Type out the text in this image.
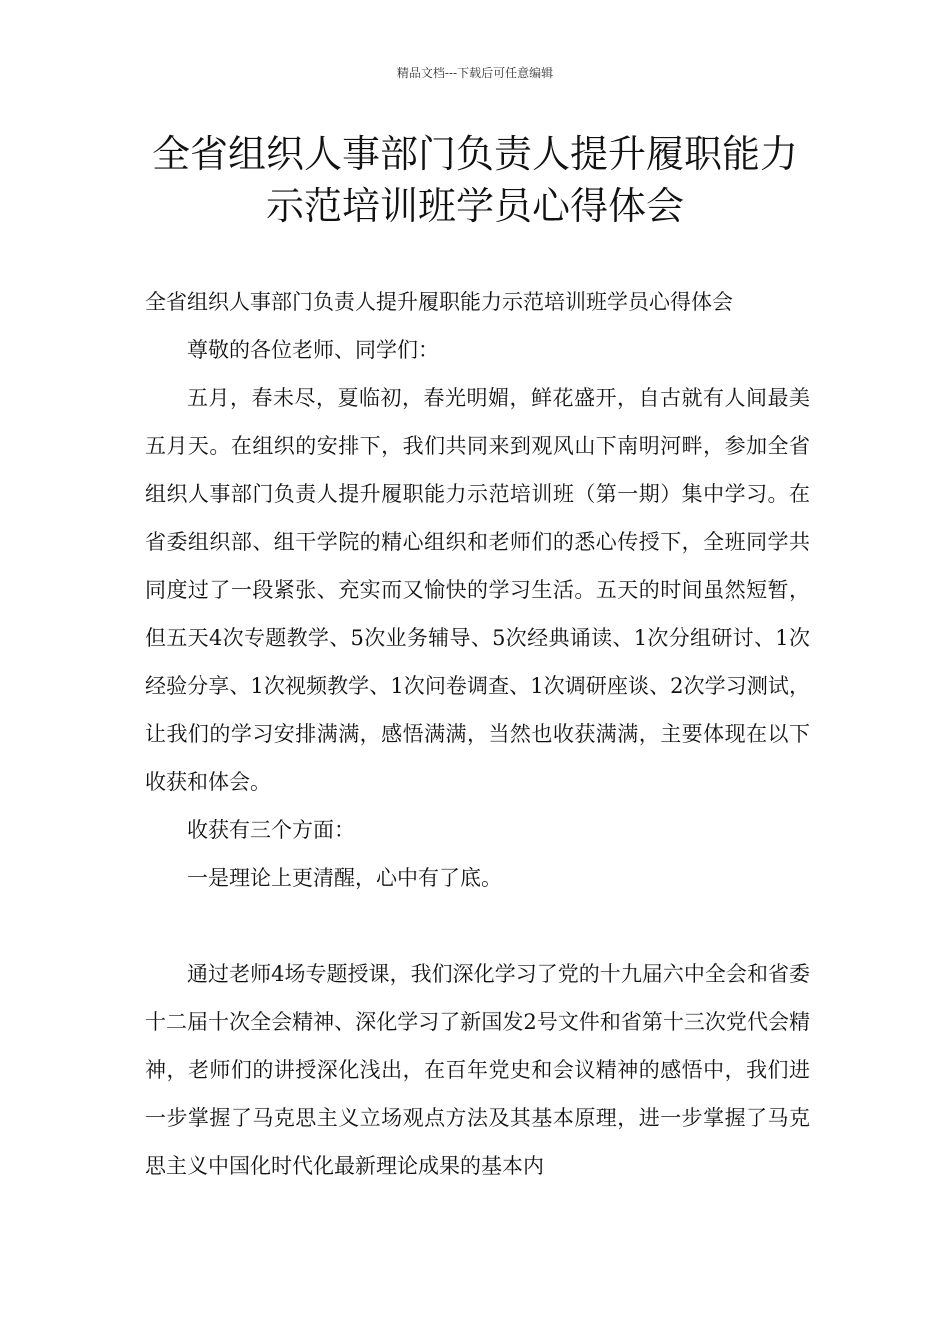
精品文档---下载后可任意编辑
全省组织人事部门负责人提升履职能力
示范培训班学员心得体会

全省组织人事部门负责人提升履职能力示范培训班学员心得体会

尊敬的各位老师、同学们：

五月，春未尽，夏临初，春光明媚，鲜花盛开，自古就有人间最美五月天。在组织的安排下，我们共同来到观风山下南明河畔，参加全省组织人事部门负责人提升履职能力示范培训班（第一期）集中学习。在省委组织部、组干学院的精心组织和老师们的悉心传授下，全班同学共同度过了一段紧张、充实而又愉快的学习生活。五天的时间虽然短暂，但五天4次专题教学、5次业务辅导、5次经典诵读、1次分组研讨、1次经验分享、1次视频教学、1次问卷调查、1次调研座谈、2次学习测试，让我们的学习安排满满，感悟满满，当然也收获满满，主要体现在以下收获和体会。

收获有三个方面：

一是理论上更清醒，心中有了底。

通过老师4场专题授课，我们深化学习了党的十九届六中全会和省委十二届十次全会精神、深化学习了新国发2号文件和省第十三次党代会精神，老师们的讲授深化浅出，在百年党史和会议精神的感悟中，我们进一步掌握了马克思主义立场观点方法及其基本原理，进一步掌握了马克思主义中国化时代化最新理论成果的基本内
